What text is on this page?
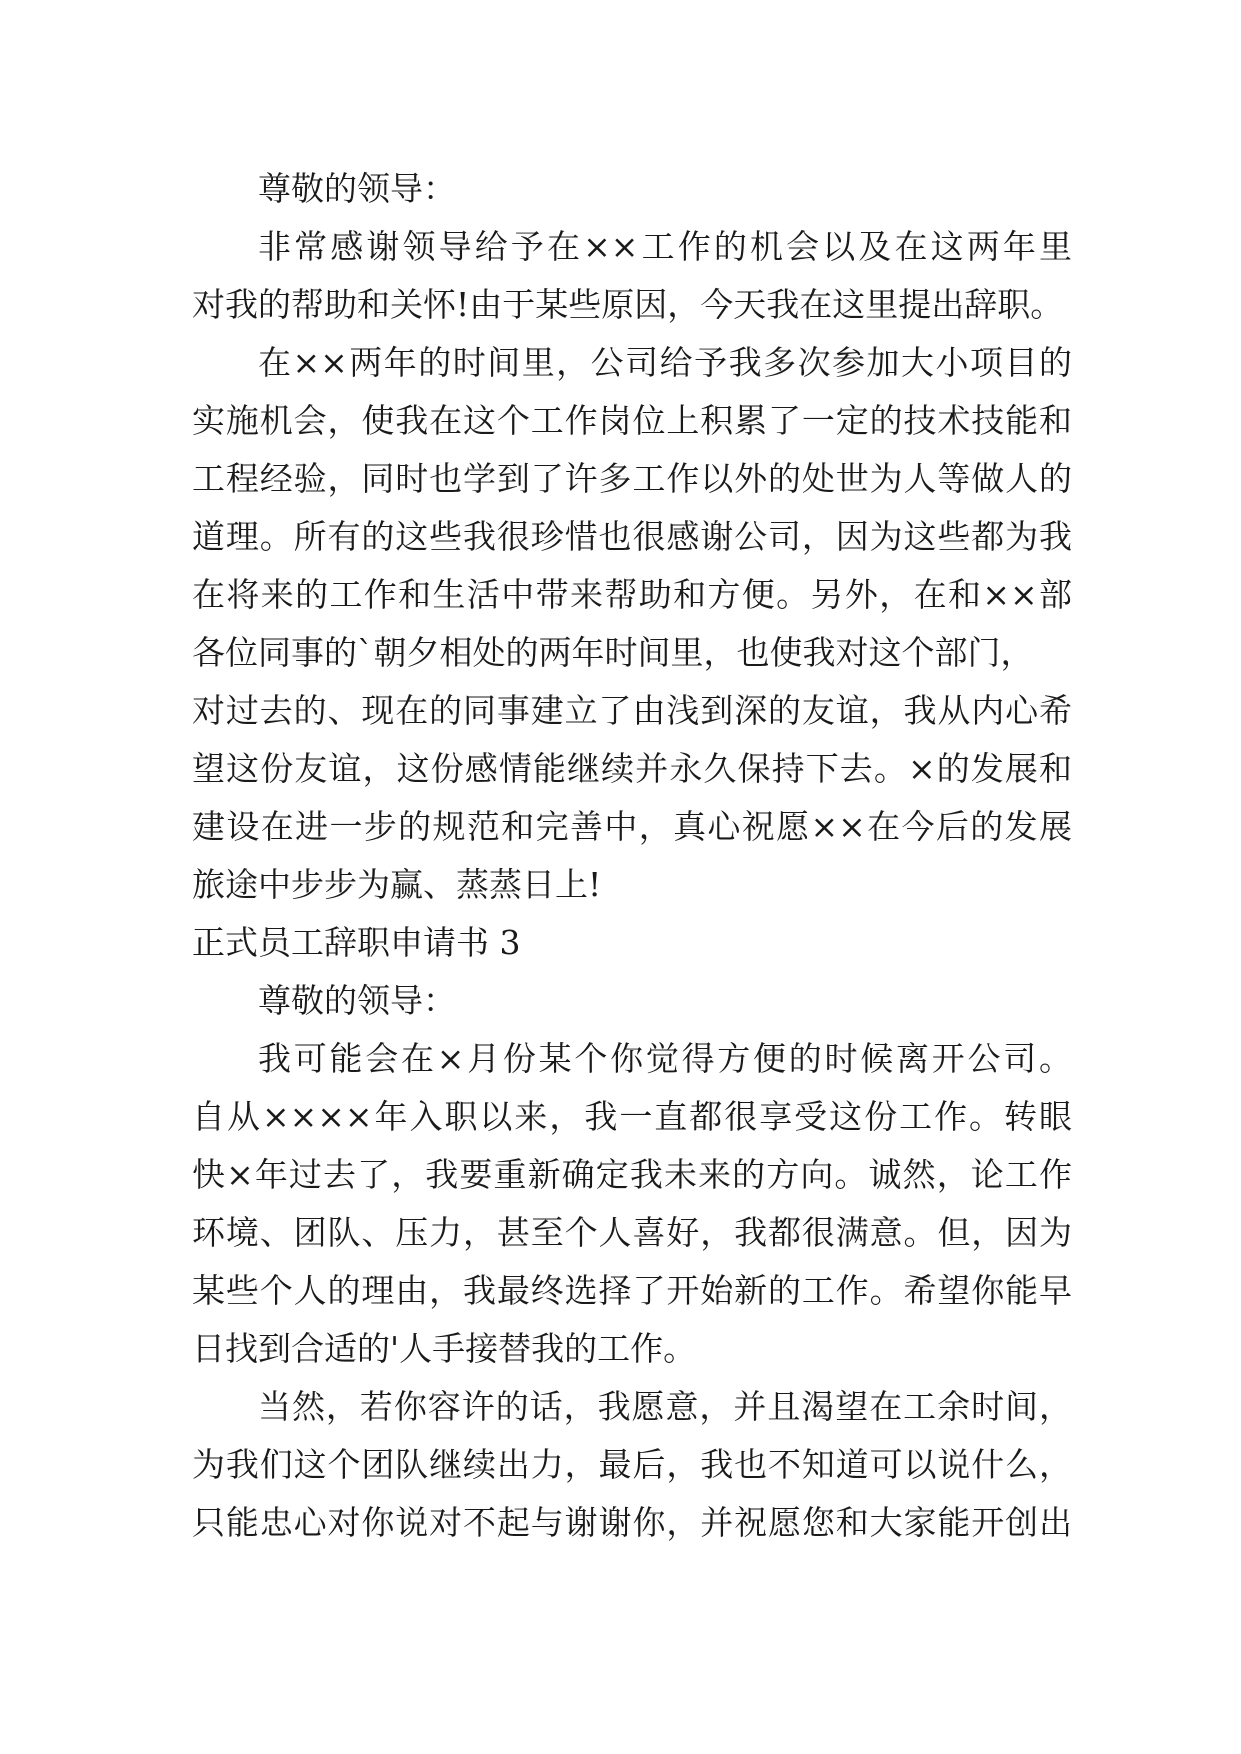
尊敬的领导：
非常感谢领导给予在××工作的机会以及在这两年里
对我的帮助和关怀!由于某些原因，今天我在这里提出辞职。
在××两年的时间里，公司给予我多次参加大小项目的
实施机会，使我在这个工作岗位上积累了一定的技术技能和
工程经验，同时也学到了许多工作以外的处世为人等做人的
道理。所有的这些我很珍惜也很感谢公司，因为这些都为我
在将来的工作和生活中带来帮助和方便。另外，在和××部
各位同事的`朝夕相处的两年时间里，也使我对这个部门，
对过去的、现在的同事建立了由浅到深的友谊，我从内心希
望这份友谊，这份感情能继续并永久保持下去。×的发展和
建设在进一步的规范和完善中，真心祝愿××在今后的发展
旅途中步步为赢、蒸蒸日上!
正式员工辞职申请书 3
尊敬的领导：
我可能会在×月份某个你觉得方便的时候离开公司。
自从××××年入职以来，我一直都很享受这份工作。转眼
快×年过去了，我要重新确定我未来的方向。诚然，论工作
环境、团队、压力，甚至个人喜好，我都很满意。但，因为
某些个人的理由，我最终选择了开始新的工作。希望你能早
日找到合适的'人手接替我的工作。
当然，若你容许的话，我愿意，并且渴望在工余时间，
为我们这个团队继续出力，最后，我也不知道可以说什么，
只能忠心对你说对不起与谢谢你，并祝愿您和大家能开创出
